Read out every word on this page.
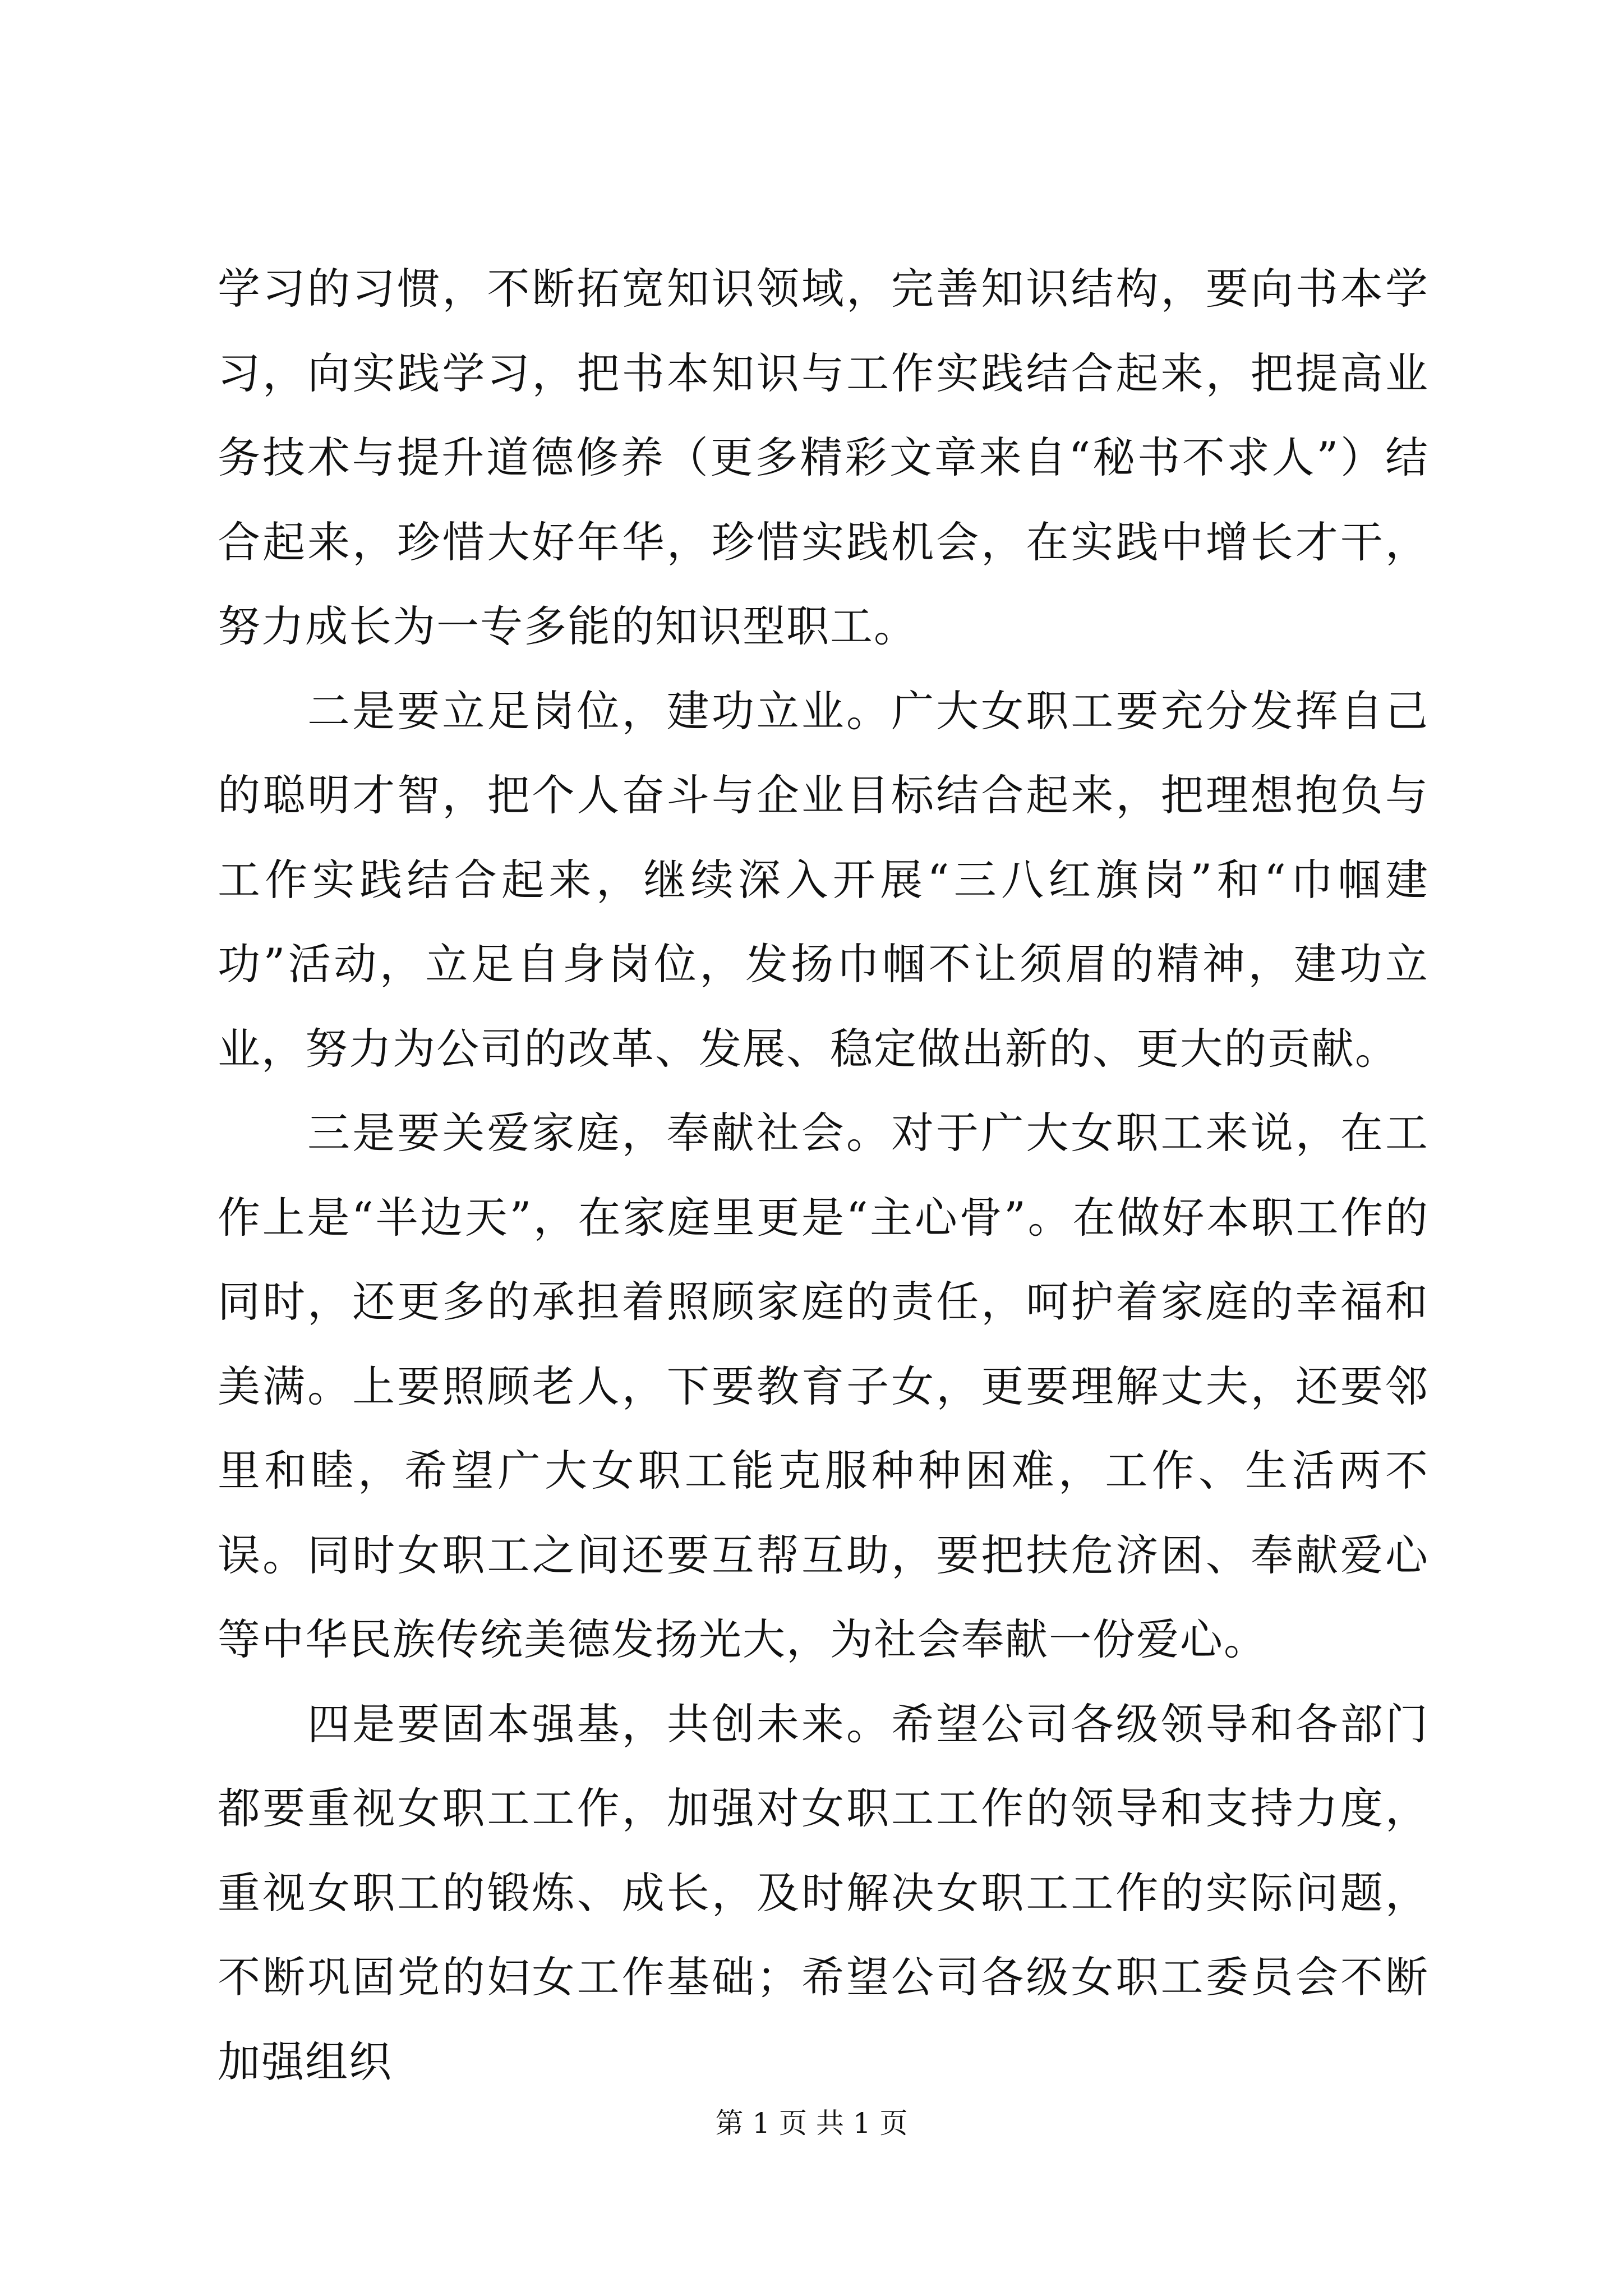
学习的习惯，不断拓宽知识领域，完善知识结构，要向书本学习，向实践学习，把书本知识与工作实践结合起来，把提高业务技术与提升道德修养（更多精彩文章来自“秘书不求人”）结合起来，珍惜大好年华，珍惜实践机会，在实践中增长才干，努力成长为一专多能的知识型职工。

二是要立足岗位，建功立业。广大女职工要充分发挥自己的聪明才智，把个人奋斗与企业目标结合起来，把理想抱负与工作实践结合起来，继续深入开展“三八红旗岗”和“巾帼建功”活动，立足自身岗位，发扬巾帼不让须眉的精神，建功立业，努力为公司的改革、发展、稳定做出新的、更大的贡献。

三是要关爱家庭，奉献社会。对于广大女职工来说，在工作上是“半边天”，在家庭里更是“主心骨”。在做好本职工作的同时，还更多的承担着照顾家庭的责任，呵护着家庭的幸福和美满。上要照顾老人，下要教育子女，更要理解丈夫，还要邻里和睦，希望广大女职工能克服种种困难，工作、生活两不误。同时女职工之间还要互帮互助，要把扶危济困、奉献爱心等中华民族传统美德发扬光大，为社会奉献一份爱心。

四是要固本强基，共创未来。希望公司各级领导和各部门都要重视女职工工作，加强对女职工工作的领导和支持力度，重视女职工的锻炼、成长，及时解决女职工工作的实际问题，不断巩固党的妇女工作基础；希望公司各级女职工委员会不断加强组织

第 1 页 共 1 页
